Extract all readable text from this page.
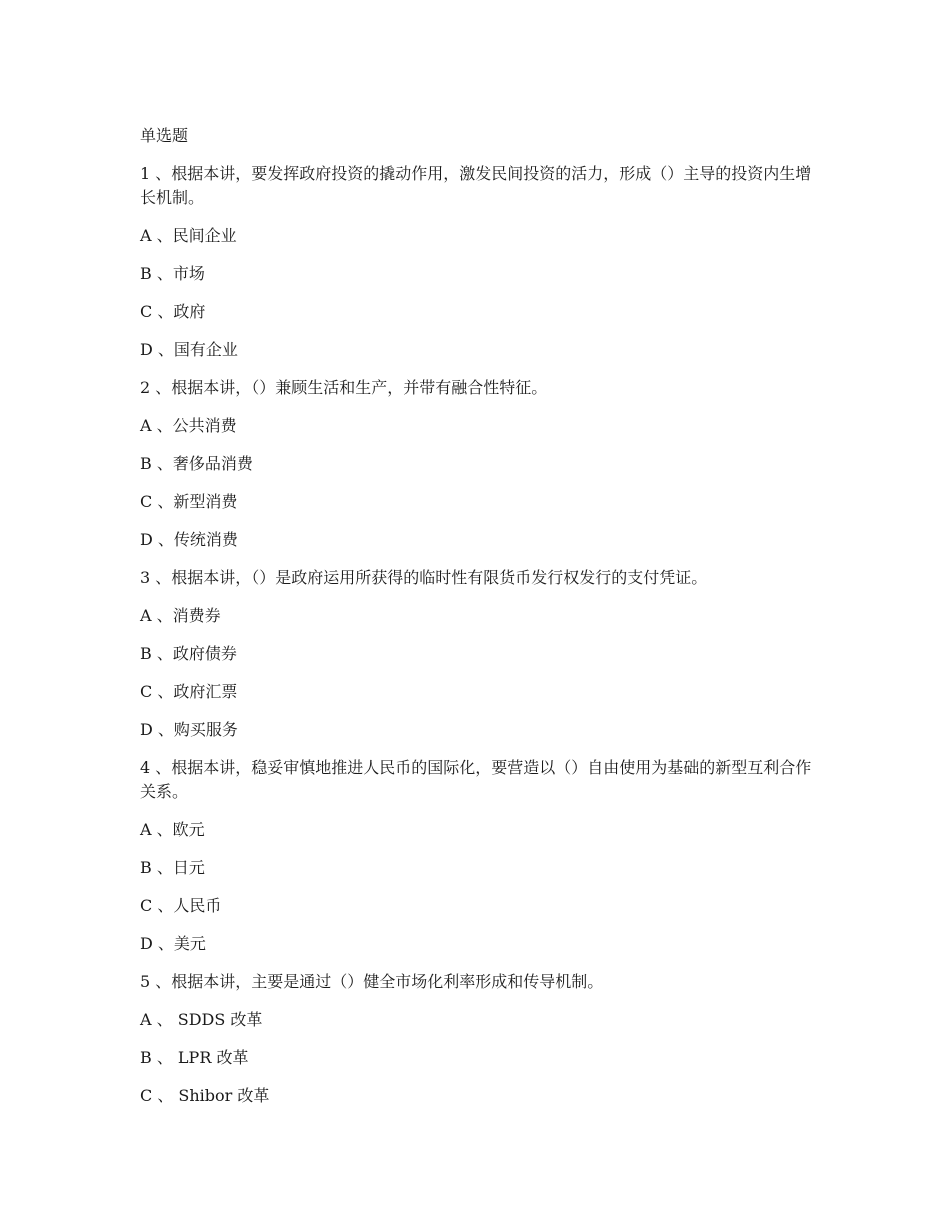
单选题

1 、根据本讲，要发挥政府投资的撬动作用，激发民间投资的活力，形成（）主导的投资内生增长机制。

A 、民间企业

B 、市场

C 、政府

D 、国有企业

2 、根据本讲，（）兼顾生活和生产，并带有融合性特征。

A 、公共消费

B 、奢侈品消费

C 、新型消费

D 、传统消费

3 、根据本讲，（）是政府运用所获得的临时性有限货币发行权发行的支付凭证。

A 、消费券

B 、政府债券

C 、政府汇票

D 、购买服务

4 、根据本讲，稳妥审慎地推进人民币的国际化，要营造以（）自由使用为基础的新型互利合作关系。

A 、欧元

B 、日元

C 、人民币

D 、美元

5 、根据本讲，主要是通过（）健全市场化利率形成和传导机制。

A 、 SDDS 改革

B 、 LPR 改革

C 、 Shibor 改革
